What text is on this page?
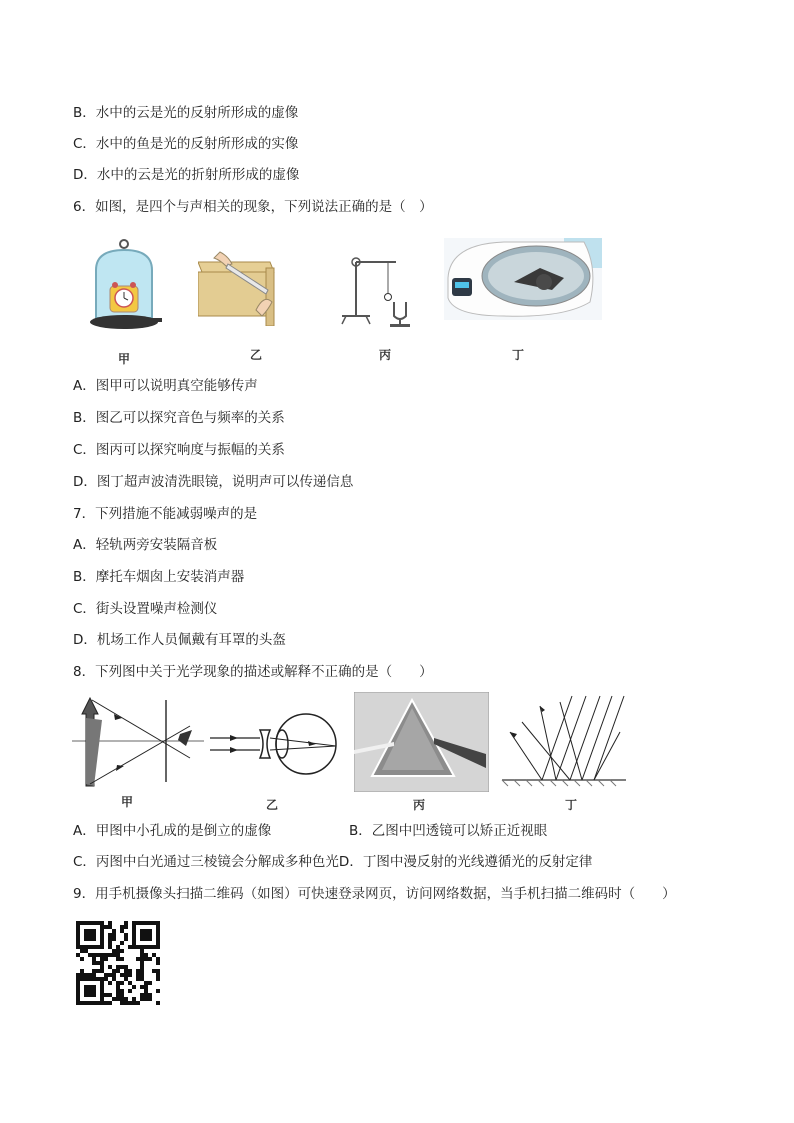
B．水中的云是光的反射所形成的虚像
C．水中的鱼是光的反射所形成的实像
D．水中的云是光的折射所形成的虚像
6．如图，是四个与声相关的现象，下列说法正确的是（　）
甲	乙	丙	丁
A．图甲可以说明真空能够传声
B．图乙可以探究音色与频率的关系
C．图丙可以探究响度与振幅的关系
D．图丁超声波清洗眼镜，说明声可以传递信息
7．下列措施不能减弱噪声的是
A．轻轨两旁安装隔音板
B．摩托车烟囱上安装消声器
C．街头设置噪声检测仪
D．机场工作人员佩戴有耳罩的头盔
8．下列图中关于光学现象的描述或解释不正确的是（　　）
甲	乙	丙	丁
A．甲图中小孔成的是倒立的虚像	B．乙图中凹透镜可以矫正近视眼
C．丙图中白光通过三棱镜会分解成多种色光D．丁图中漫反射的光线遵循光的反射定律
9．用手机摄像头扫描二维码（如图）可快速登录网页，访问网络数据，当手机扫描二维码时（　　）
